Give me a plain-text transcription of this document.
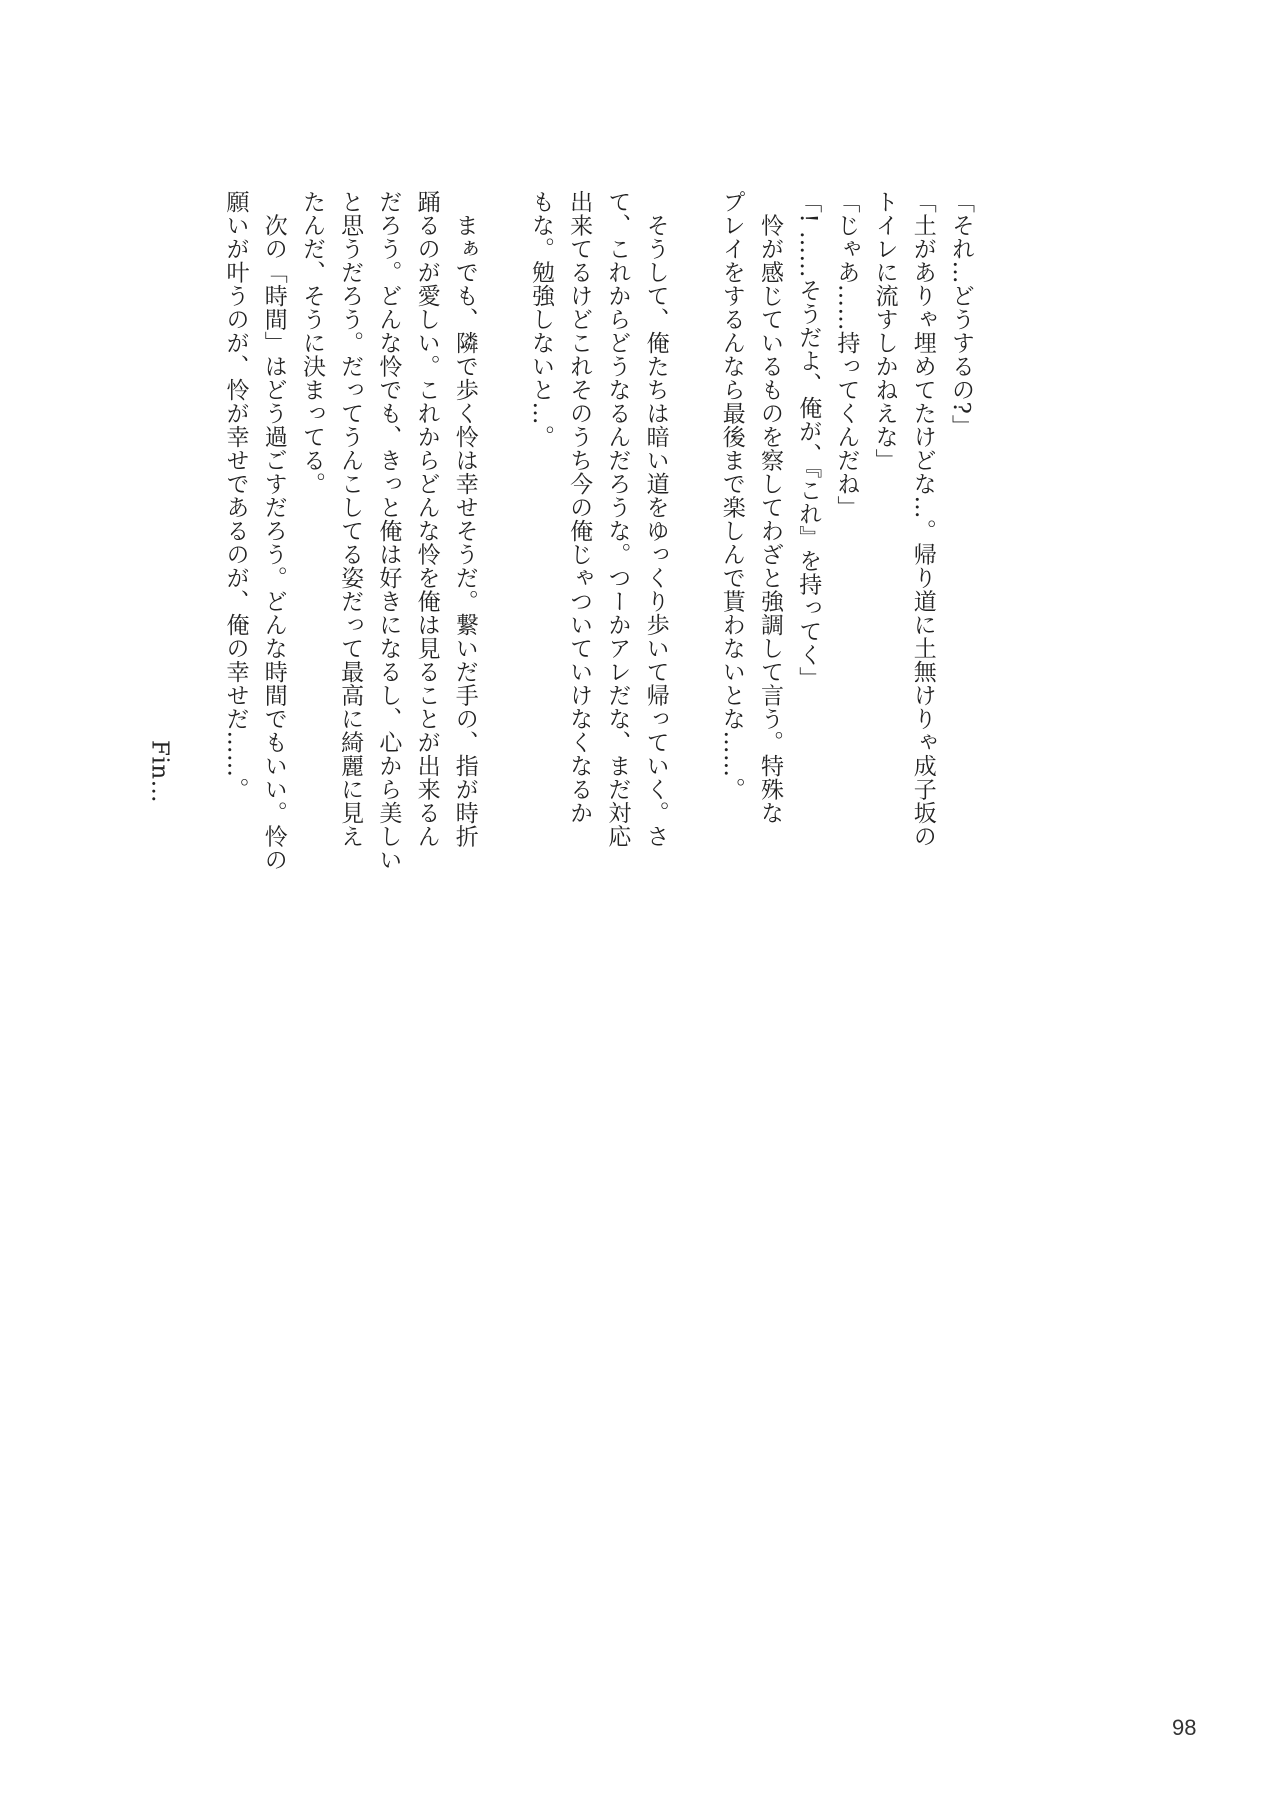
「それ…どうするの?」
「土がありゃ埋めてたけどな…。帰り道に土無けりゃ成子坂の
トイレに流すしかねえな」
「じゃあ……持ってくんだね」
「! ……そうだよ、俺が、『これ』を持ってく」
　怜が感じているものを察してわざと強調して言う。特殊な
プレイをするんなら最後まで楽しんで貰わないとな……。
　そうして、俺たちは暗い道をゆっくり歩いて帰っていく。さ
て、これからどうなるんだろうな。つーかアレだな、まだ対応
出来てるけどこれそのうち今の俺じゃついていけなくなるか
もな。勉強しないと…。
　まぁでも、隣で歩く怜は幸せそうだ。繋いだ手の、指が時折
踊るのが愛しい。これからどんな怜を俺は見ることが出来るん
だろう。どんな怜でも、きっと俺は好きになるし、心から美しい
と思うだろう。だってうんこしてる姿だって最高に綺麗に見え
たんだ、そうに決まってる。
　次の「時間」はどう過ごすだろう。どんな時間でもいい。怜の
願いが叶うのが、怜が幸せであるのが、俺の幸せだ……。
Fin…
98
